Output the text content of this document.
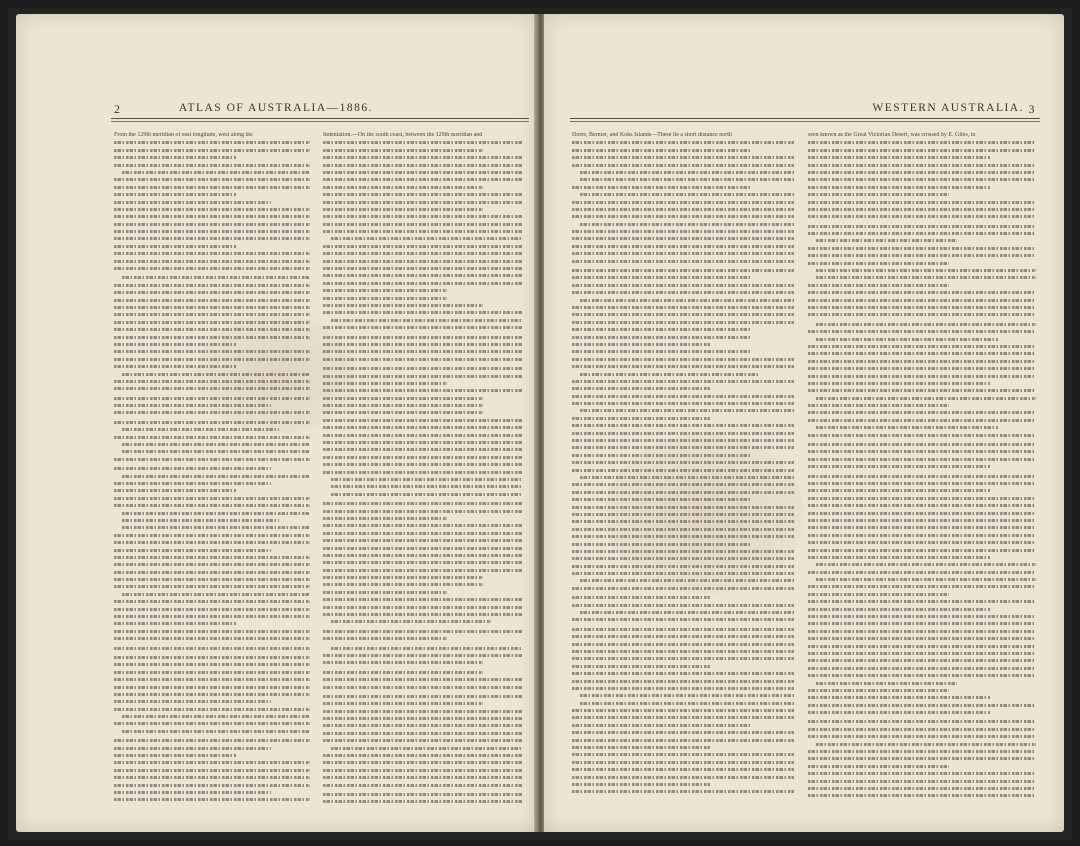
2	ATLAS OF AUSTRALIA—1886.
From the 129th meridian of east longitude, west along the	Indentation.—On the south coast, between the 129th meridian and
WESTERN AUSTRALIA. 3
Dorre, Bernier, and Koks Islands—These lie a short distance north	seen known as the Great Victorian Desert, was crossed by E. Giles, in
